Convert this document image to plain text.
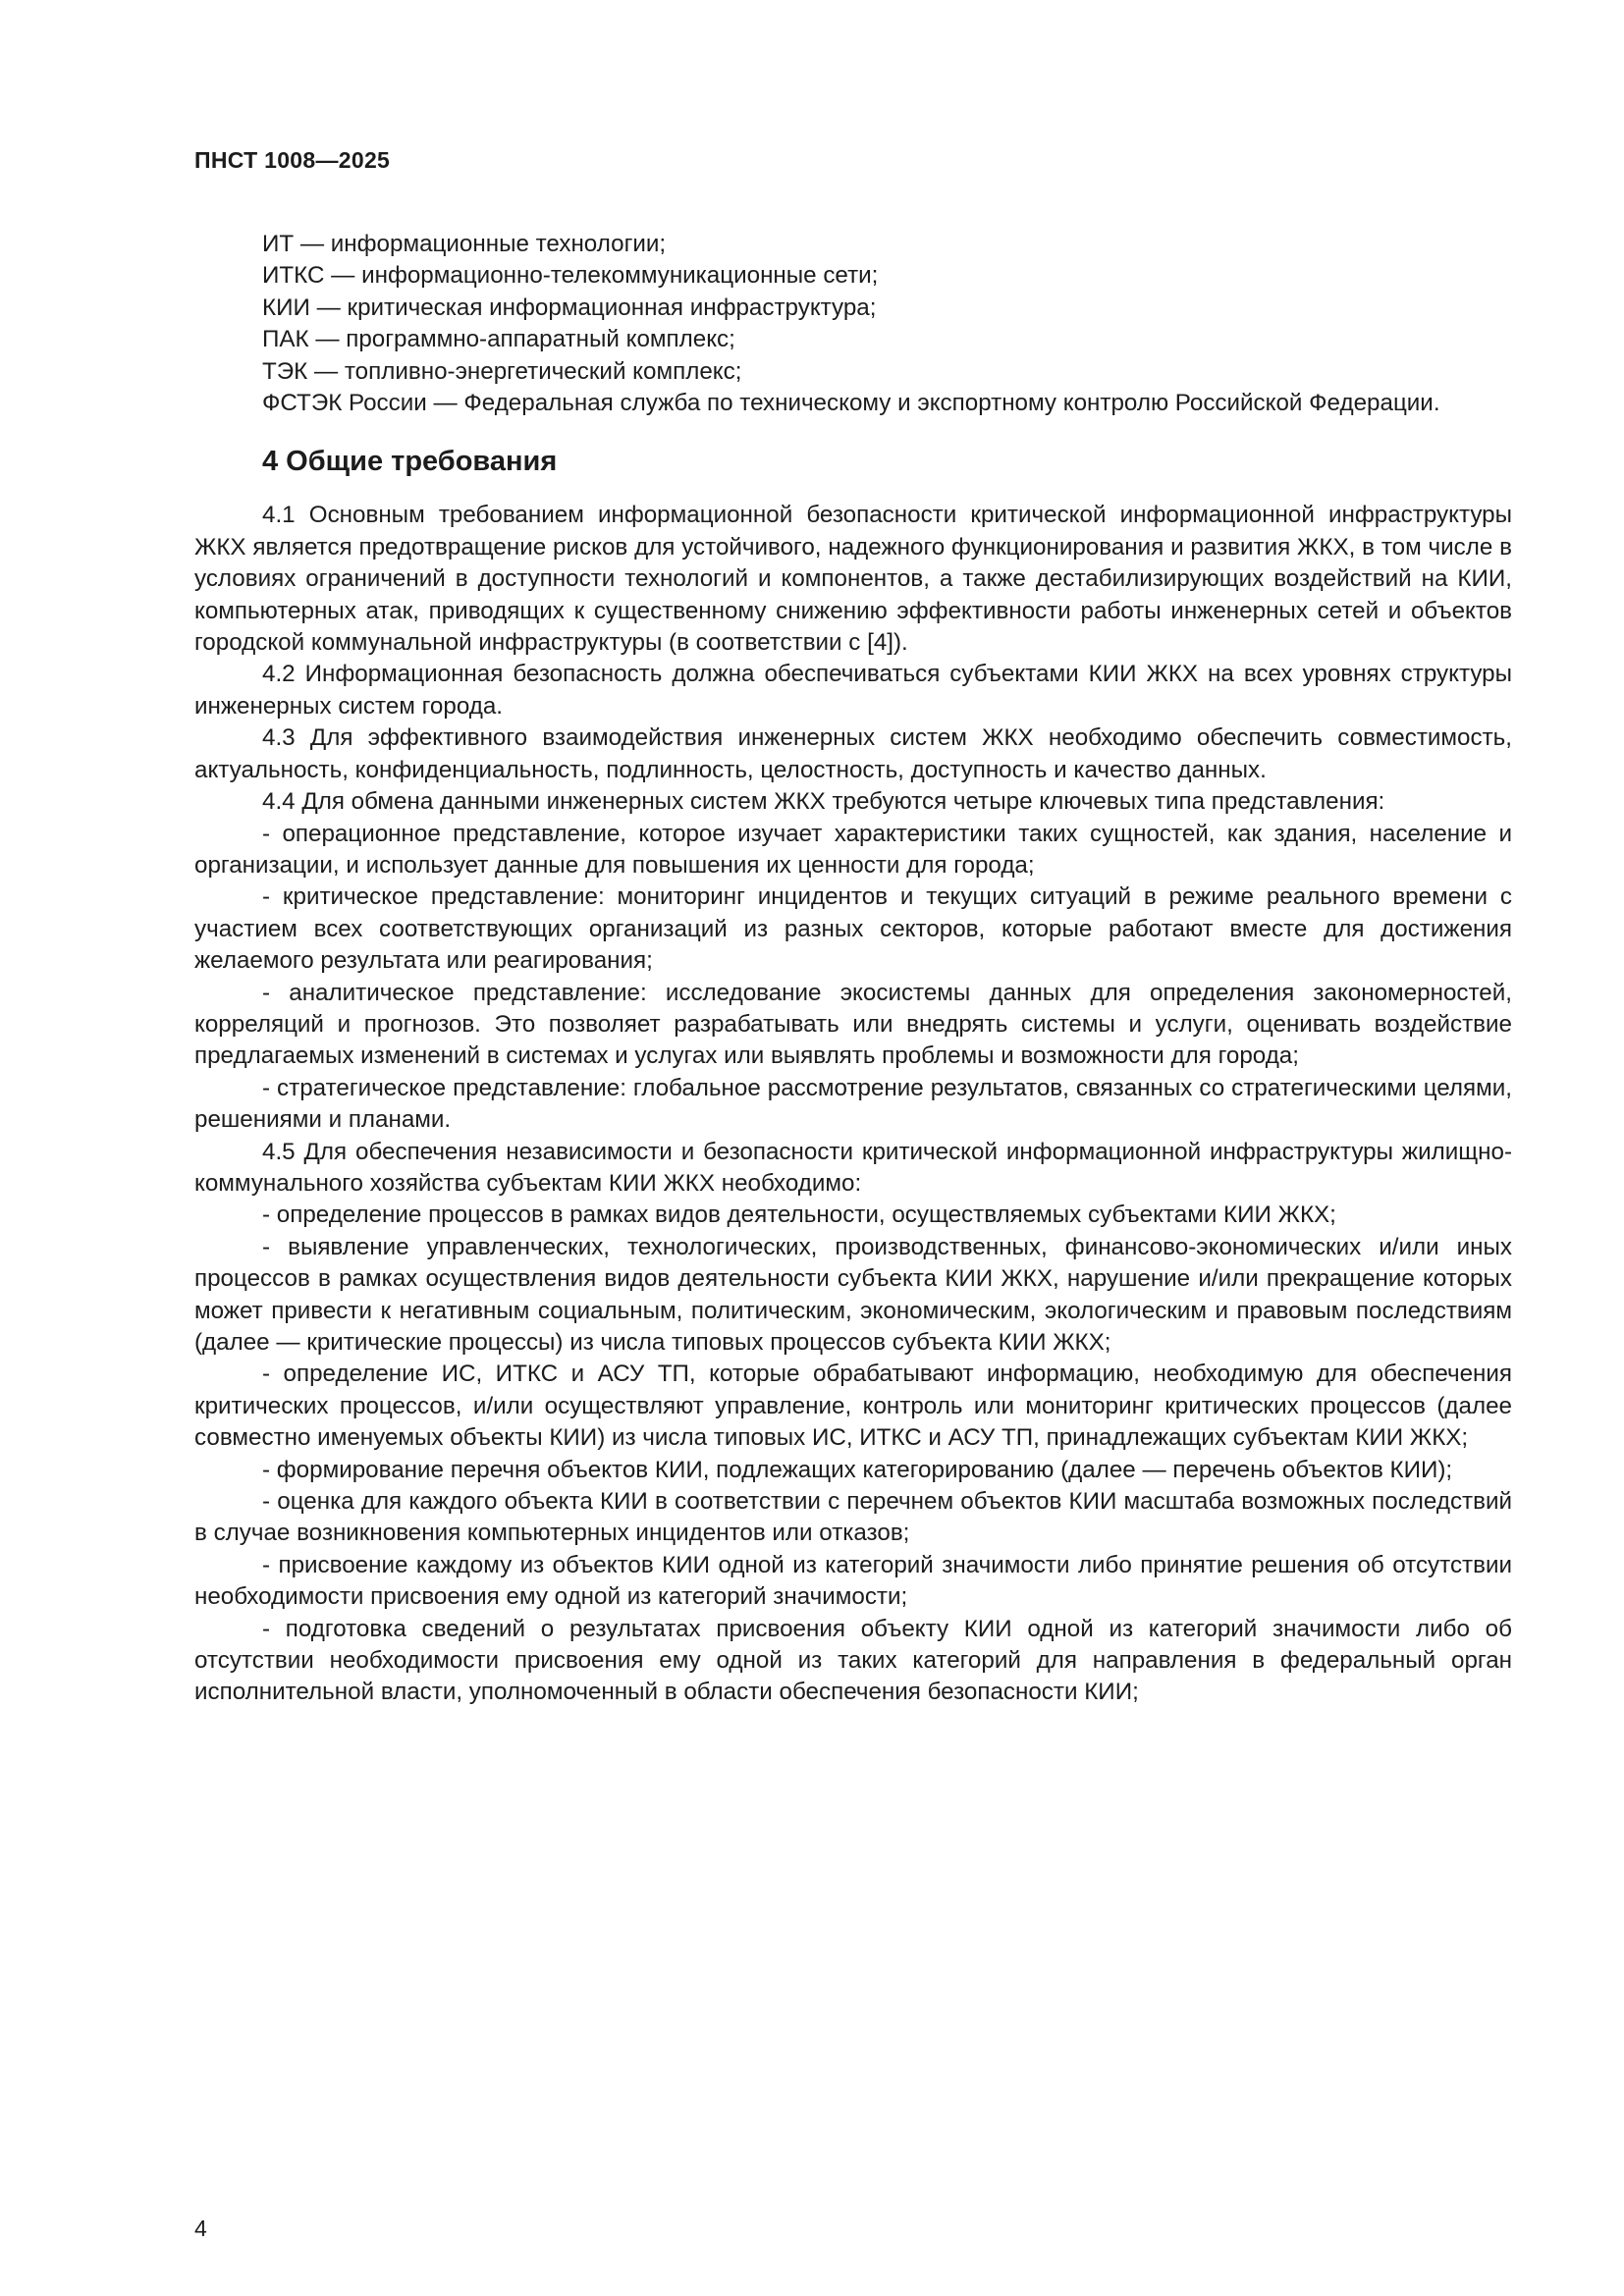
ПНСТ 1008—2025

ИТ — информационные технологии;

ИТКС — информационно-телекоммуникационные сети;

КИИ — критическая информационная инфраструктура;

ПАК — программно-аппаратный комплекс;

ТЭК — топливно-энергетический комплекс;

ФСТЭК России — Федеральная служба по техническому и экспортному контролю Российской Федерации.

4 Общие требования

4.1 Основным требованием информационной безопасности критической информационной инфраструктуры ЖКХ является предотвращение рисков для устойчивого, надежного функционирования и развития ЖКХ, в том числе в условиях ограничений в доступности технологий и компонентов, а также дестабилизирующих воздействий на КИИ, компьютерных атак, приводящих к существенному снижению эффективности работы инженерных сетей и объектов городской коммунальной инфраструктуры (в соответствии с [4]).

4.2 Информационная безопасность должна обеспечиваться субъектами КИИ ЖКХ на всех уровнях структуры инженерных систем города.

4.3 Для эффективного взаимодействия инженерных систем ЖКХ необходимо обеспечить совместимость, актуальность, конфиденциальность, подлинность, целостность, доступность и качество данных.

4.4 Для обмена данными инженерных систем ЖКХ требуются четыре ключевых типа представления:

- операционное представление, которое изучает характеристики таких сущностей, как здания, население и организации, и использует данные для повышения их ценности для города;

- критическое представление: мониторинг инцидентов и текущих ситуаций в режиме реального времени с участием всех соответствующих организаций из разных секторов, которые работают вместе для достижения желаемого результата или реагирования;

- аналитическое представление: исследование экосистемы данных для определения закономерностей, корреляций и прогнозов. Это позволяет разрабатывать или внедрять системы и услуги, оценивать воздействие предлагаемых изменений в системах и услугах или выявлять проблемы и возможности для города;

- стратегическое представление: глобальное рассмотрение результатов, связанных со стратегическими целями, решениями и планами.

4.5 Для обеспечения независимости и безопасности критической информационной инфраструктуры жилищно-коммунального хозяйства субъектам КИИ ЖКХ необходимо:

- определение процессов в рамках видов деятельности, осуществляемых субъектами КИИ ЖКХ;

- выявление управленческих, технологических, производственных, финансово-экономических и/или иных процессов в рамках осуществления видов деятельности субъекта КИИ ЖКХ, нарушение и/или прекращение которых может привести к негативным социальным, политическим, экономическим, экологическим и правовым последствиям (далее — критические процессы) из числа типовых процессов субъекта КИИ ЖКХ;

- определение ИС, ИТКС и АСУ ТП, которые обрабатывают информацию, необходимую для обеспечения критических процессов, и/или осуществляют управление, контроль или мониторинг критических процессов (далее совместно именуемых объекты КИИ) из числа типовых ИС, ИТКС и АСУ ТП, принадлежащих субъектам КИИ ЖКХ;

- формирование перечня объектов КИИ, подлежащих категорированию (далее — перечень объектов КИИ);

- оценка для каждого объекта КИИ в соответствии с перечнем объектов КИИ масштаба возможных последствий в случае возникновения компьютерных инцидентов или отказов;

- присвоение каждому из объектов КИИ одной из категорий значимости либо принятие решения об отсутствии необходимости присвоения ему одной из категорий значимости;

- подготовка сведений о результатах присвоения объекту КИИ одной из категорий значимости либо об отсутствии необходимости присвоения ему одной из таких категорий для направления в федеральный орган исполнительной власти, уполномоченный в области обеспечения безопасности КИИ;

4
